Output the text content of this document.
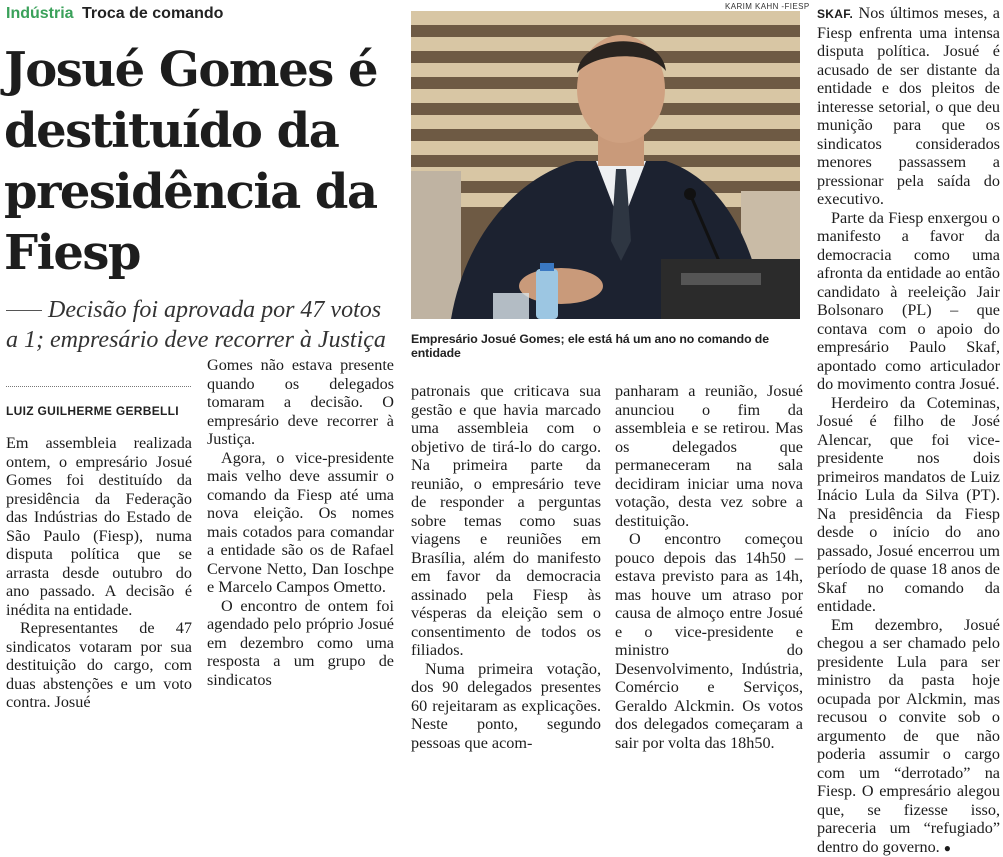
Indústria Troca de comando
Josué Gomes é destituído da presidência da Fiesp

Decisão foi aprovada por 47 votos a 1; empresário deve recorrer à Justiça

LUIZ GUILHERME GERBELLI

Em assembleia realizada ontem, o empresário Josué Gomes foi destituído da presidência da Federação das Indústrias do Estado de São Paulo (Fiesp), numa disputa política que se arrasta desde outubro do ano passado. A decisão é inédita na entidade.

Representantes de 47 sindicatos votaram por sua destituição do cargo, com duas abstenções e um voto contra. Josué

Gomes não estava presente quando os delegados tomaram a decisão. O empresário deve recorrer à Justiça.

Agora, o vice-presidente mais velho deve assumir o comando da Fiesp até uma nova eleição. Os nomes mais cotados para comandar a entidade são os de Rafael Cervone Netto, Dan Ioschpe e Marcelo Campos Ometto.

O encontro de ontem foi agendado pelo próprio Josué em dezembro como uma resposta a um grupo de sindicatos

patronais que criticava sua gestão e que havia marcado uma assembleia com o objetivo de tirá-lo do cargo. Na primeira parte da reunião, o empresário teve de responder a perguntas sobre temas como suas viagens e reuniões em Brasília, além do manifesto em favor da democracia assinado pela Fiesp às vésperas da eleição sem o consentimento de todos os filiados.

Numa primeira votação, dos 90 delegados presentes 60 rejeitaram as explicações. Neste ponto, segundo pessoas que acom-

panharam a reunião, Josué anunciou o fim da assembleia e se retirou. Mas os delegados que permaneceram na sala decidiram iniciar uma nova votação, desta vez sobre a destituição.

O encontro começou pouco depois das 14h50 – estava previsto para as 14h, mas houve um atraso por causa de almoço entre Josué e o vice-presidente e ministro do Desenvolvimento, Indústria, Comércio e Serviços, Geraldo Alckmin. Os votos dos delegados começaram a sair por volta das 18h50.

SKAF. Nos últimos meses, a Fiesp enfrenta uma intensa disputa política. Josué é acusado de ser distante da entidade e dos pleitos de interesse setorial, o que deu munição para que os sindicatos considerados menores passassem a pressionar pela saída do executivo.

Parte da Fiesp enxergou o manifesto a favor da democracia como uma afronta da entidade ao então candidato à reeleição Jair Bolsonaro (PL) – que contava com o apoio do empresário Paulo Skaf, apontado como articulador do movimento contra Josué.

Herdeiro da Coteminas, Josué é filho de José Alencar, que foi vice-presidente nos dois primeiros mandatos de Luiz Inácio Lula da Silva (PT). Na presidência da Fiesp desde o início do ano passado, Josué encerrou um período de quase 18 anos de Skaf no comando da entidade.

Em dezembro, Josué chegou a ser chamado pelo presidente Lula para ser ministro da pasta hoje ocupada por Alckmin, mas recusou o convite sob o argumento de que não poderia assumir o cargo com um “derrotado” na Fiesp. O empresário alegou que, se fizesse isso, pareceria um “refugiado” dentro do governo. ●

KARIM KAHN -FIESP
Empresário Josué Gomes; ele está há um ano no comando de entidade
